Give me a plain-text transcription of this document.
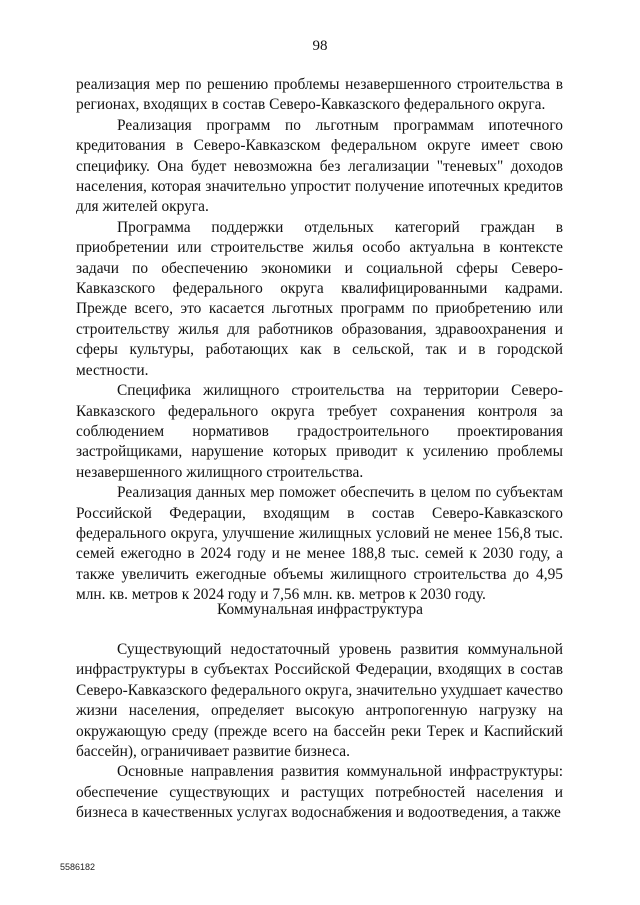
98

реализация мер по решению проблемы незавершенного строительства в регионах, входящих в состав Северо-Кавказского федерального округа.

Реализация программ по льготным программам ипотечного кредитования в Северо-Кавказском федеральном округе имеет свою специфику. Она будет невозможна без легализации "теневых" доходов населения, которая значительно упростит получение ипотечных кредитов для жителей округа.

Программа поддержки отдельных категорий граждан в приобретении или строительстве жилья особо актуальна в контексте задачи по обеспечению экономики и социальной сферы Северо-Кавказского федерального округа квалифицированными кадрами. Прежде всего, это касается льготных программ по приобретению или строительству жилья для работников образования, здравоохранения и сферы культуры, работающих как в сельской, так и в городской местности.

Специфика жилищного строительства на территории Северо-Кавказского федерального округа требует сохранения контроля за соблюдением нормативов градостроительного проектирования застройщиками, нарушение которых приводит к усилению проблемы незавершенного жилищного строительства.

Реализация данных мер поможет обеспечить в целом по субъектам Российской Федерации, входящим в состав Северо-Кавказского федерального округа, улучшение жилищных условий не менее 156,8 тыс. семей ежегодно в 2024 году и не менее 188,8 тыс. семей к 2030 году, а также увеличить ежегодные объемы жилищного строительства до 4,95 млн. кв. метров к 2024 году и 7,56 млн. кв. метров к 2030 году.

Коммунальная инфраструктура

Существующий недостаточный уровень развития коммунальной инфраструктуры в субъектах Российской Федерации, входящих в состав Северо-Кавказского федерального округа, значительно ухудшает качество жизни населения, определяет высокую антропогенную нагрузку на окружающую среду (прежде всего на бассейн реки Терек и Каспийский бассейн), ограничивает развитие бизнеса.

Основные направления развития коммунальной инфраструктуры: обеспечение существующих и растущих потребностей населения и бизнеса в качественных услугах водоснабжения и водоотведения, а также

5586182
